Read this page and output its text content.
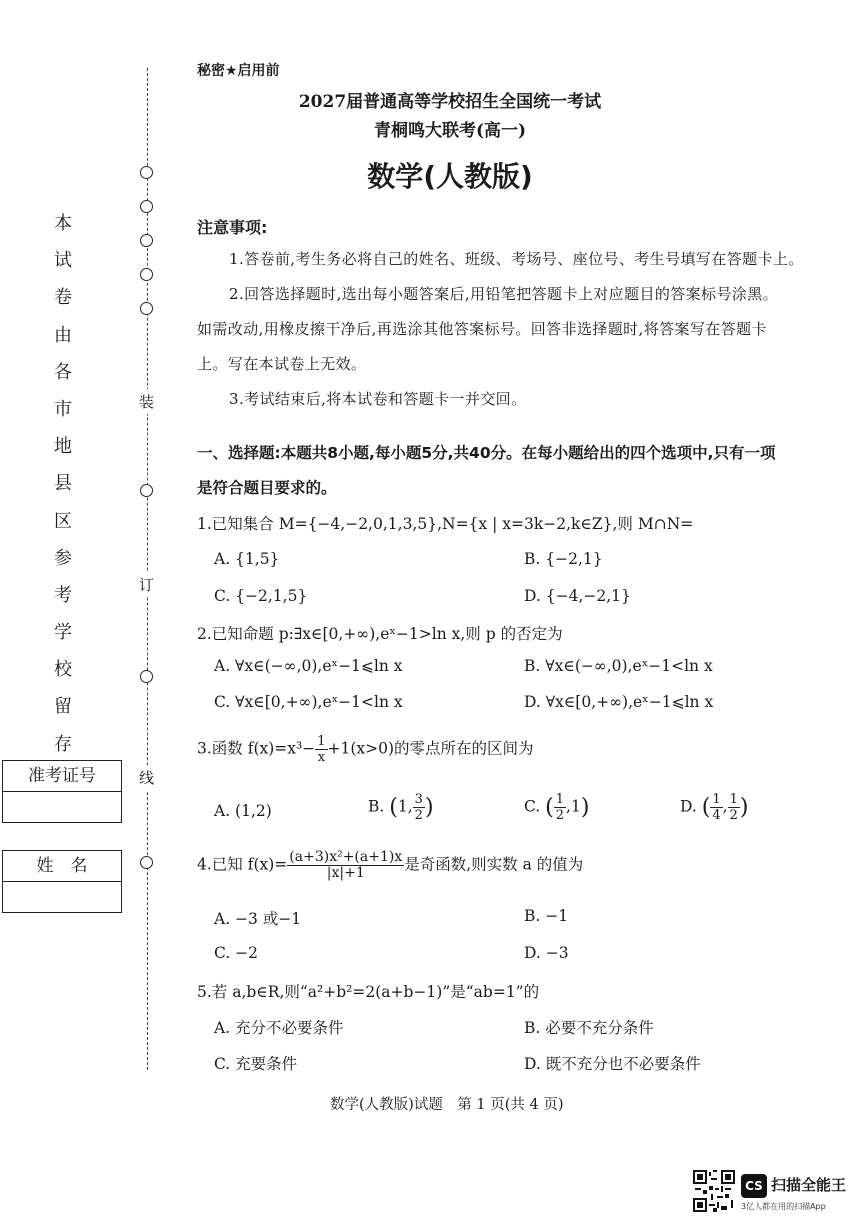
装
订
线
本
试
卷
由
各
市
地
县
区
参
考
学
校
留
存
准考证号
姓　名
秘密★启用前
2027届普通高等学校招生全国统一考试
青桐鸣大联考(高一)
数学(人教版)
注意事项:
1.答卷前,考生务必将自己的姓名、班级、考场号、座位号、考生号填写在答题卡上。
2.回答选择题时,选出每小题答案后,用铅笔把答题卡上对应题目的答案标号涂黑。
如需改动,用橡皮擦干净后,再选涂其他答案标号。回答非选择题时,将答案写在答题卡
上。写在本试卷上无效。
3.考试结束后,将本试卷和答题卡一并交回。
一、选择题:本题共8小题,每小题5分,共40分。在每小题给出的四个选项中,只有一项
是符合题目要求的。
1.已知集合 M={−4,−2,0,1,3,5},N={x | x=3k−2,k∈Z},则 M∩N=
A. {1,5}	B. {−2,1}
C. {−2,1,5}	D. {−4,−2,1}
2.已知命题 p:∃x∈[0,+∞),eˣ−1>ln x,则 p 的否定为
A. ∀x∈(−∞,0),eˣ−1⩽ln x	B. ∀x∈(−∞,0),eˣ−1<ln x
C. ∀x∈[0,+∞),eˣ−1<ln x	D. ∀x∈[0,+∞),eˣ−1⩽ln x
3.函数 $f(x)=x^3- \frac{1}{x} +1(x>0)$的零点所在的区间为
A. (1,2)	B. (1, $\frac{3}{2}$ )	C. ( $\frac{1}{2} ,1$)	D. ( $\frac{1}{4}$ , $\frac{1}{2}$ )
4.已知 $f(x)= \frac{\text{(a+3)x²+(a+1)x}}{|x|+1}$ 是奇函数,则实数 a 的值为
A. −3 或−1	B. −1
C. −2	D. −3
5.若 a,b∈R,则“a²+b²=2(a+b−1)”是“ab=1”的
A. 充分不必要条件	B. 必要不充分条件
C. 充要条件	D. 既不充分也不必要条件
数学(人教版)试题　第 1 页(共 4 页)
CS 扫描全能王
3亿人都在用的扫描App
